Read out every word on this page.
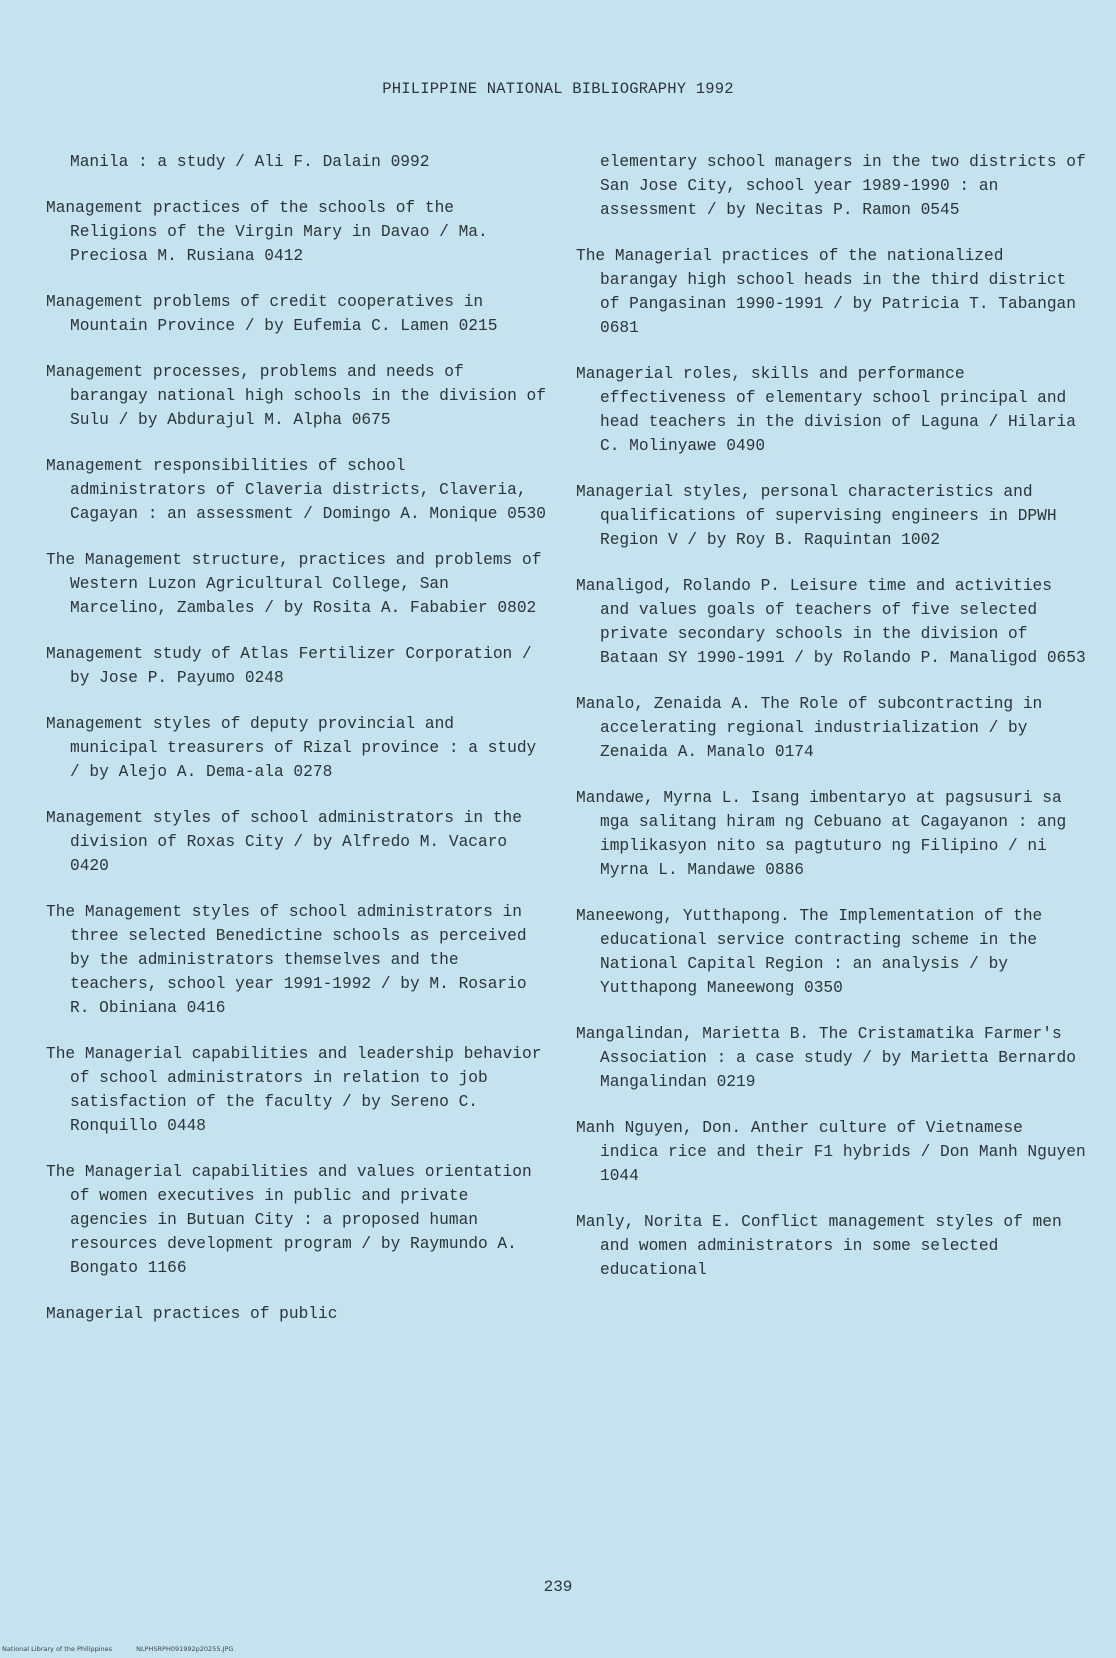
PHILIPPINE NATIONAL BIBLIOGRAPHY 1992

Manila : a study / Ali F. Dalain 0992

Management practices of the schools of the Religions of the Virgin Mary in Davao / Ma. Preciosa M. Rusiana 0412

Management problems of credit cooperatives in Mountain Province / by Eufemia C. Lamen 0215

Management processes, problems and needs of barangay national high schools in the division of Sulu / by Abdurajul M. Alpha 0675

Management responsibilities of school administrators of Claveria districts, Claveria, Cagayan : an assessment / Domingo A. Monique 0530

The Management structure, practices and problems of Western Luzon Agricultural College, San Marcelino, Zambales / by Rosita A. Fababier 0802

Management study of Atlas Fertilizer Corporation / by Jose P. Payumo 0248

Management styles of deputy provincial and municipal treasurers of Rizal province : a study / by Alejo A. Dema-ala 0278

Management styles of school administrators in the division of Roxas City / by Alfredo M. Vacaro 0420

The Management styles of school administrators in three selected Benedictine schools as perceived by the administrators themselves and the teachers, school year 1991-1992 / by M. Rosario R. Obiniana 0416

The Managerial capabilities and leadership behavior of school administrators in relation to job satisfaction of the faculty / by Sereno C. Ronquillo 0448

The Managerial capabilities and values orientation of women executives in public and private agencies in Butuan City : a proposed human resources development program / by Raymundo A. Bongato 1166

Managerial practices of public

elementary school managers in the two districts of San Jose City, school year 1989-1990 : an assessment / by Necitas P. Ramon 0545

The Managerial practices of the nationalized barangay high school heads in the third district of Pangasinan 1990-1991 / by Patricia T. Tabangan 0681

Managerial roles, skills and performance effectiveness of elementary school principal and head teachers in the division of Laguna / Hilaria C. Molinyawe 0490

Managerial styles, personal characteristics and qualifications of supervising engineers in DPWH Region V / by Roy B. Raquintan 1002

Manaligod, Rolando P. Leisure time and activities and values goals of teachers of five selected private secondary schools in the division of Bataan SY 1990-1991 / by Rolando P. Manaligod 0653

Manalo, Zenaida A. The Role of subcontracting in accelerating regional industrialization / by Zenaida A. Manalo 0174

Mandawe, Myrna L. Isang imbentaryo at pagsusuri sa mga salitang hiram ng Cebuano at Cagayanon : ang implikasyon nito sa pagtuturo ng Filipino / ni Myrna L. Mandawe 0886

Maneewong, Yutthapong. The Implementation of the educational service contracting scheme in the National Capital Region : an analysis / by Yutthapong Maneewong 0350

Mangalindan, Marietta B. The Cristamatika Farmer's Association : a case study / by Marietta Bernardo Mangalindan 0219

Manh Nguyen, Don. Anther culture of Vietnamese indica rice and their F1 hybrids / Don Manh Nguyen 1044

Manly, Norita E. Conflict management styles of men and women administrators in some selected educational

239
National Library of the Philippines	NLPHSRPH091992p20255.JPG
